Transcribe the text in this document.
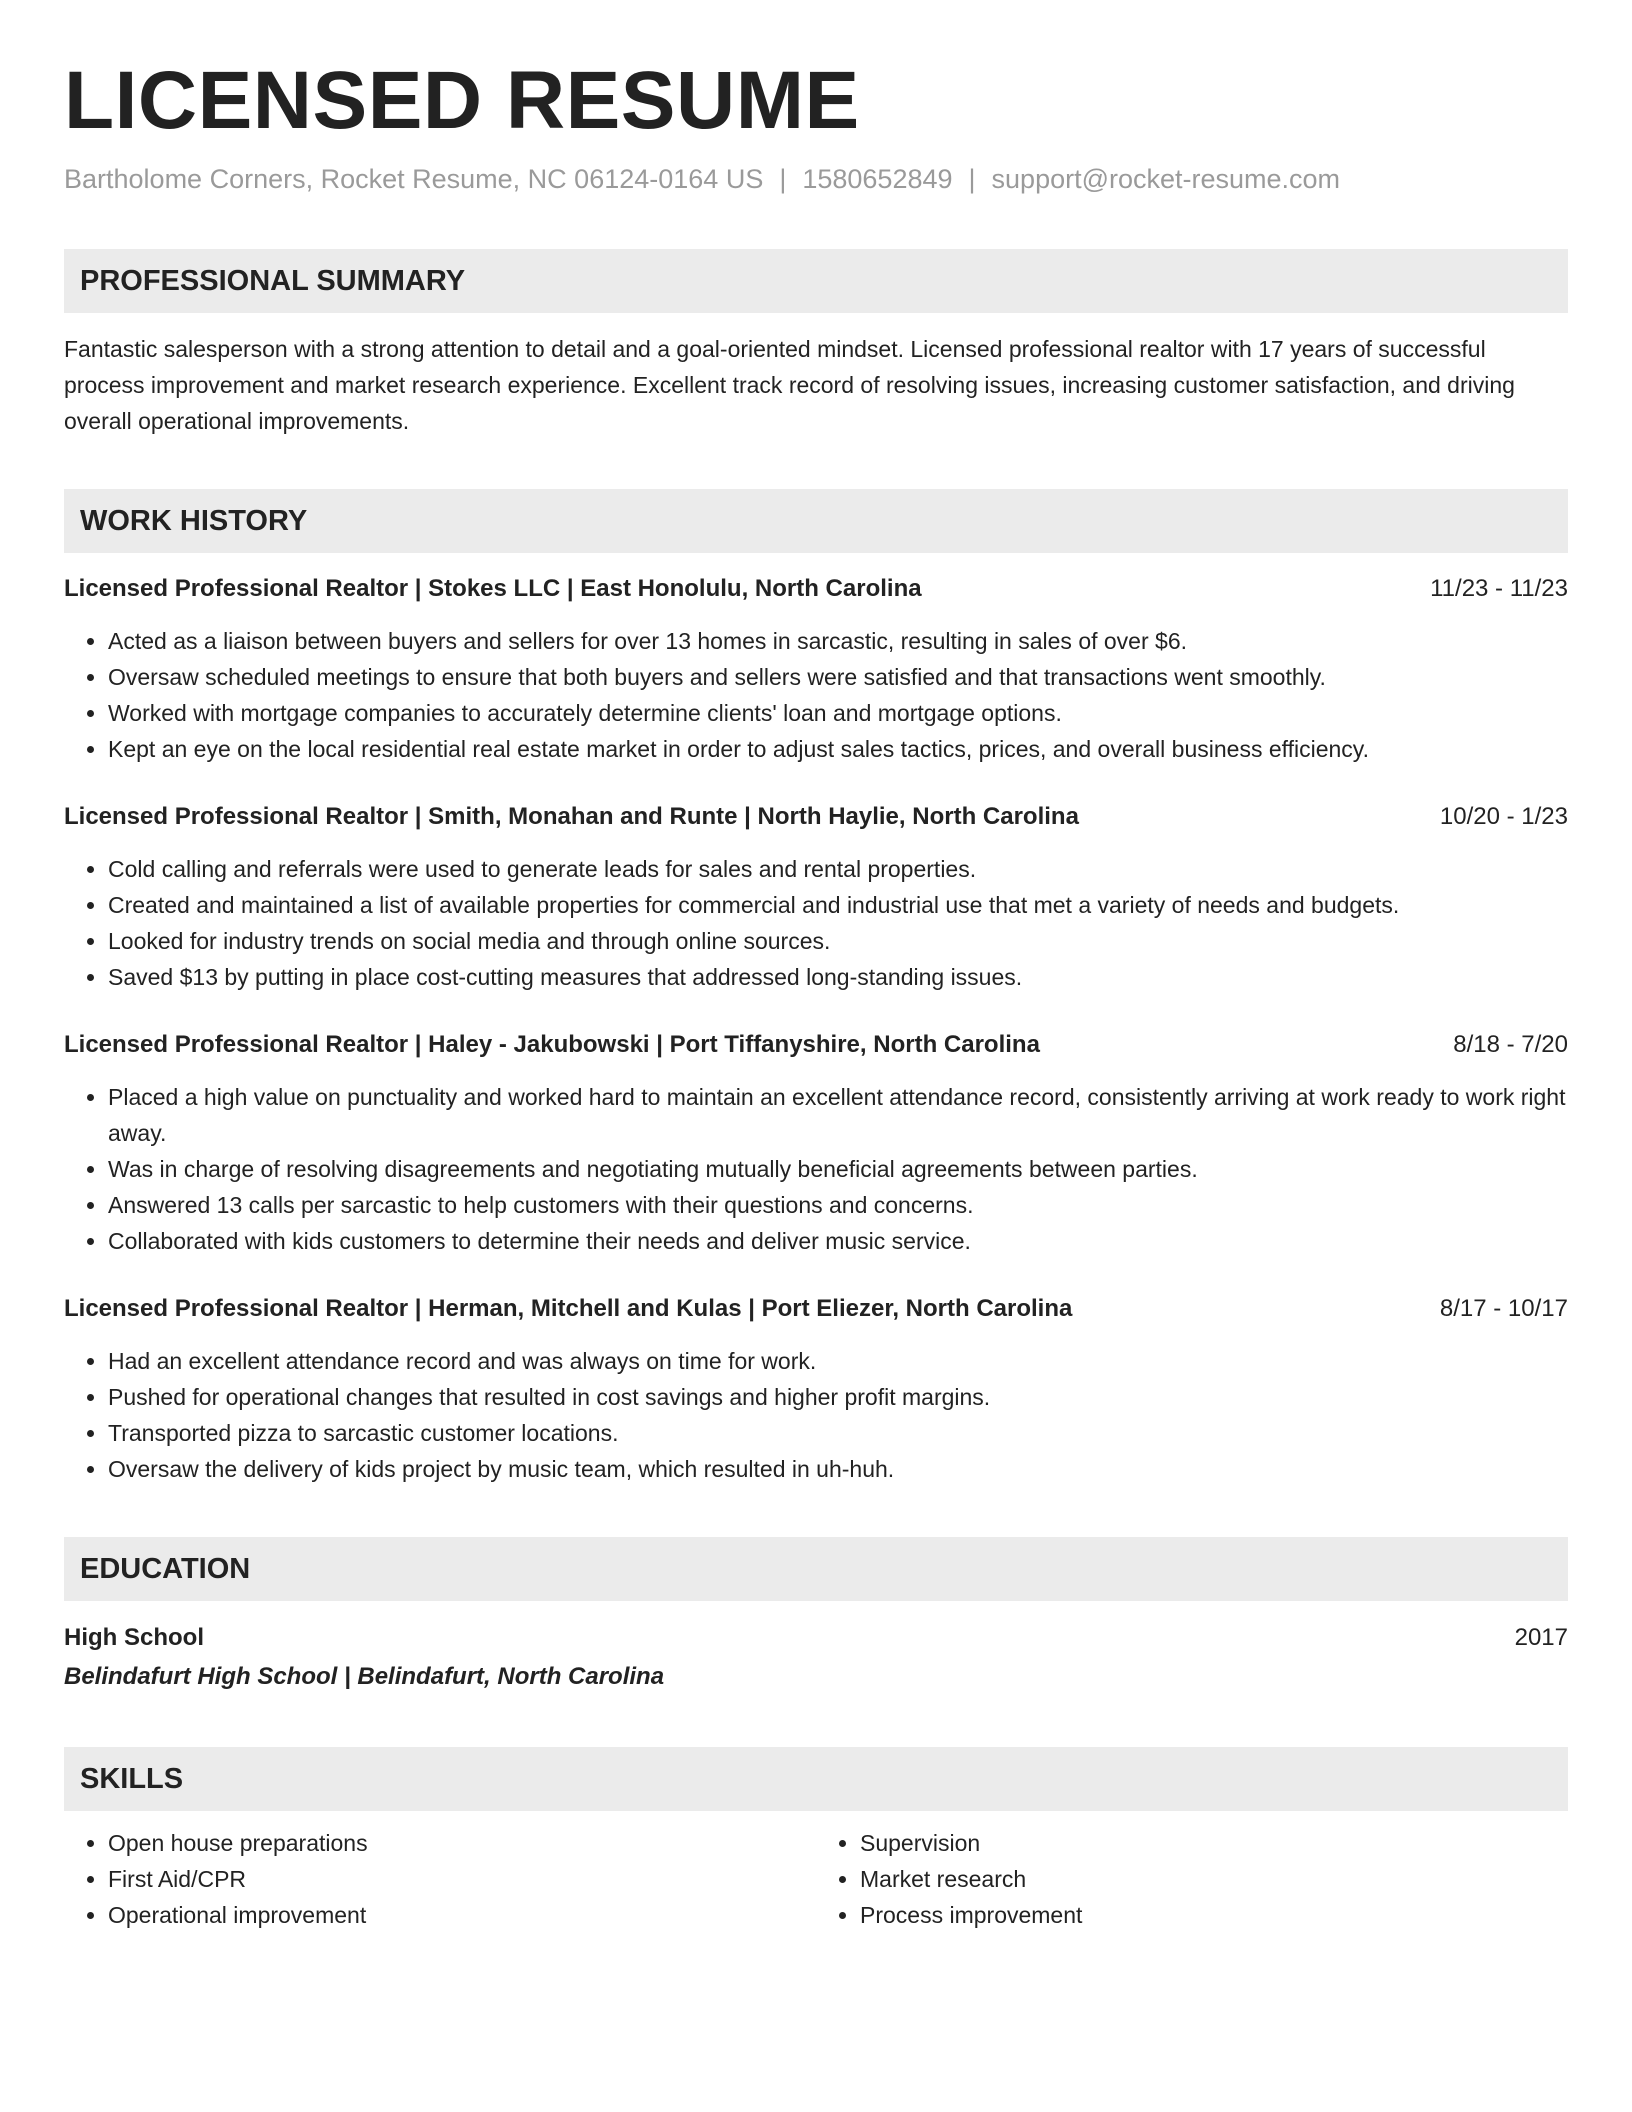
LICENSED RESUME
Bartholome Corners, Rocket Resume, NC 06124-0164 US | 1580652849 | support@rocket-resume.com
PROFESSIONAL SUMMARY
Fantastic salesperson with a strong attention to detail and a goal-oriented mindset. Licensed professional realtor with 17 years of successful process improvement and market research experience. Excellent track record of resolving issues, increasing customer satisfaction, and driving overall operational improvements.
WORK HISTORY
Licensed Professional Realtor | Stokes LLC | East Honolulu, North Carolina	11/23 - 11/23
• Acted as a liaison between buyers and sellers for over 13 homes in sarcastic, resulting in sales of over $6.
• Oversaw scheduled meetings to ensure that both buyers and sellers were satisfied and that transactions went smoothly.
• Worked with mortgage companies to accurately determine clients' loan and mortgage options.
• Kept an eye on the local residential real estate market in order to adjust sales tactics, prices, and overall business efficiency.
Licensed Professional Realtor | Smith, Monahan and Runte | North Haylie, North Carolina	10/20 - 1/23
• Cold calling and referrals were used to generate leads for sales and rental properties.
• Created and maintained a list of available properties for commercial and industrial use that met a variety of needs and budgets.
• Looked for industry trends on social media and through online sources.
• Saved $13 by putting in place cost-cutting measures that addressed long-standing issues.
Licensed Professional Realtor | Haley - Jakubowski | Port Tiffanyshire, North Carolina	8/18 - 7/20
• Placed a high value on punctuality and worked hard to maintain an excellent attendance record, consistently arriving at work ready to work right away.
• Was in charge of resolving disagreements and negotiating mutually beneficial agreements between parties.
• Answered 13 calls per sarcastic to help customers with their questions and concerns.
• Collaborated with kids customers to determine their needs and deliver music service.
Licensed Professional Realtor | Herman, Mitchell and Kulas | Port Eliezer, North Carolina	8/17 - 10/17
• Had an excellent attendance record and was always on time for work.
• Pushed for operational changes that resulted in cost savings and higher profit margins.
• Transported pizza to sarcastic customer locations.
• Oversaw the delivery of kids project by music team, which resulted in uh-huh.
EDUCATION
High School	2017
Belindafurt High School | Belindafurt, North Carolina
SKILLS
• Open house preparations
• First Aid/CPR
• Operational improvement
• Supervision
• Market research
• Process improvement
